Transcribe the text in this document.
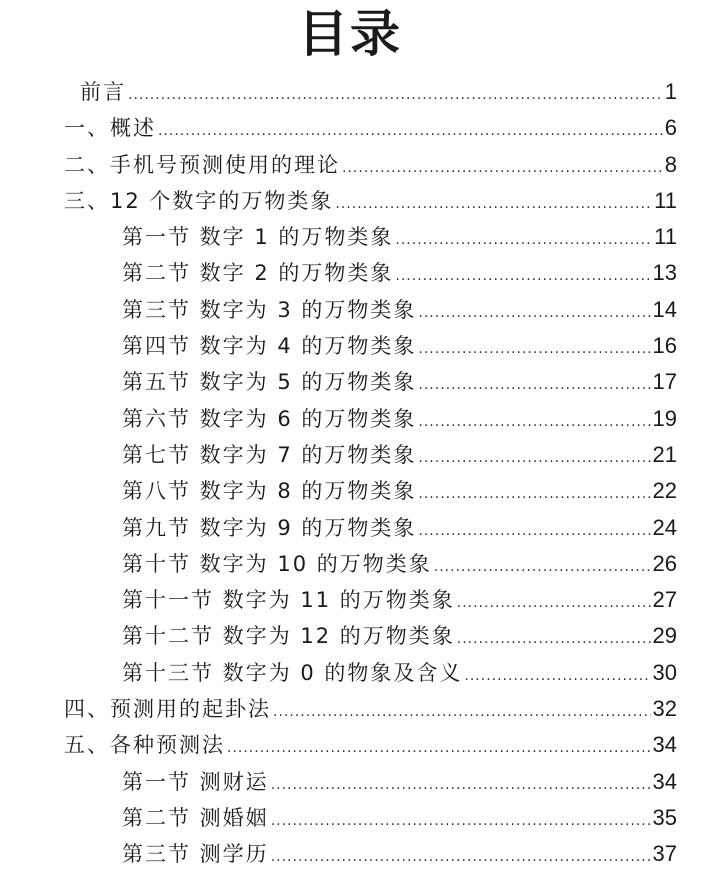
目录
前言 .....	1
一、概述 .....	6
二、手机号预测使用的理论 .....	8
三、12 个数字的万物类象 .....	11
第一节 数字 1 的万物类象 .....	11
第二节 数字 2 的万物类象 .....	13
第三节 数字为 3 的万物类象 .....	14
第四节 数字为 4 的万物类象 .....	16
第五节 数字为 5 的万物类象 .....	17
第六节 数字为 6 的万物类象 .....	19
第七节 数字为 7 的万物类象 .....	21
第八节 数字为 8 的万物类象 .....	22
第九节 数字为 9 的万物类象 .....	24
第十节 数字为 10 的万物类象 .....	26
第十一节 数字为 11 的万物类象 .....	27
第十二节 数字为 12 的万物类象 .....	29
第十三节 数字为 0 的物象及含义 .....	30
四、预测用的起卦法 .....	32
五、各种预测法 .....	34
第一节 测财运 .....	34
第二节 测婚姻 .....	35
第三节 测学历 .....	37
